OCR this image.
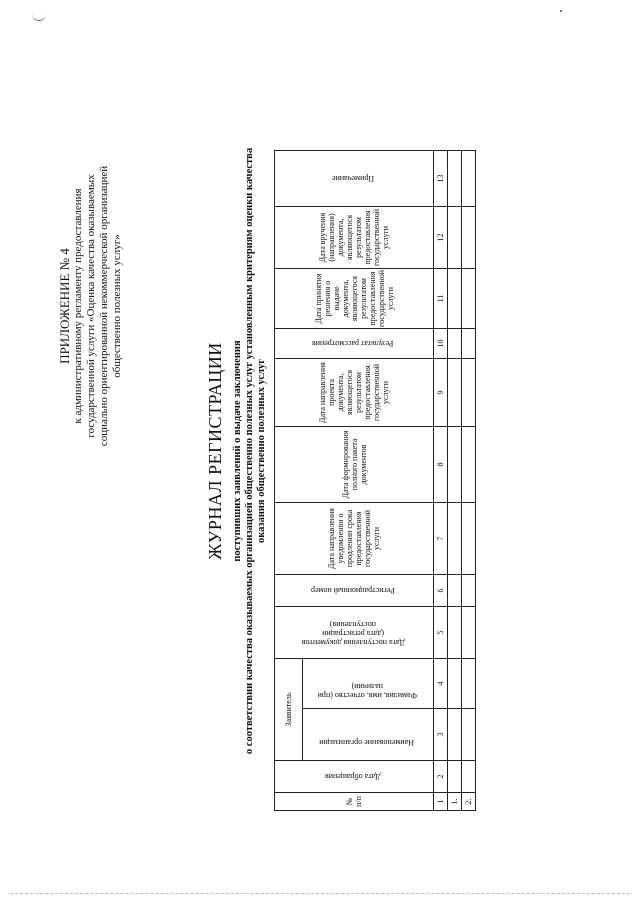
ПРИЛОЖЕНИЕ № 4 к административному регламенту предоставления государственной услуги «Оценка качества оказываемых социально ориентированной некоммерческой организацией общественно полезных услуг»
ЖУРНАЛ РЕГИСТРАЦИИ поступивших заявлений о выдаче заключения о соответствии качества оказываемых организацией общественно полезных услуг установленным критериям оценки качества оказания общественно полезных услуг
№ п/п	Дата обращения	Заявитель		Дата поступления документов (дата регистрации поступления)	Регистрационный номер	Дата направления уведомления о продлении срока предоставления государственной услуги	Дата формирования полного пакета документов	Дата направления проекта документа, являющегося результатом предоставления государственной услуги	Результат рассмотрения	Дата принятия решения о выдаче документа, являющегося результатом предоставления государственной услуги	Дата вручения (направления) документа, являющегося результатом предоставления государственной услуги	Примечание
		Наименование организации	Фамилия, имя, отчество (при наличии)									
1	2	3	4	5	6	7	8	9	10	11	12	13
1.												
2.												
